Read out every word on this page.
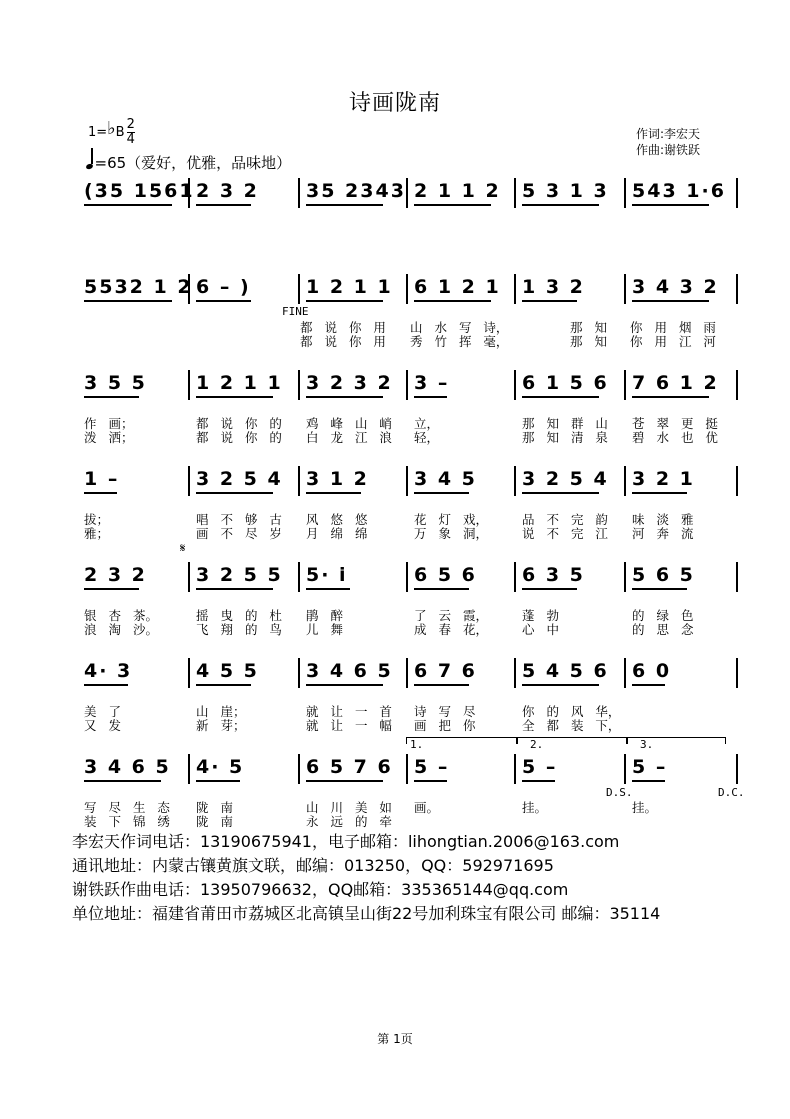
诗画陇南
1=♭B $\frac{2}{4}$
=65（爱好，优雅，品味地）
作词:李宏天
作曲:谢铁跃
(35 1561 2 3 2 35 2343 2 1 1 2 5 3 1 3 543 1·6
5532 1 2 6 – )	1 2 1 1 6 1 2 1 1 3 2 3 4 3 2
都 说 你 用 山 水 写 诗，	那 知 你 用 烟 雨
都 说 你 用 秀 竹 挥 毫，	那 知 你 用 江 河
3 5 5	1 2 1 1 3 2 3 2 3 –	6 1 5 6 7 6 1 2
作 画；	都 说 你 的 鸡 峰 山 峭 立，	那 知 群 山 苍 翠 更 挺
泼 洒；	都 说 你 的 白 龙 江 浪 轻，	那 知 清 泉 碧 水 也 优
1 –	3 2 5 4 3 1 2 3 4 5 3 2 5 4 3 2 1
拔；	唱 不 够 古 风 悠 悠	花 灯 戏，	品 不 完 韵 味 淡 雅
雅；	画 不 尽 岁 月 绵 绵	万 象 洞，	说 不 完 江 河 奔 流
2 3 2	3 2 5 5 5· i	6 5 6 6 3 5 5 6 5
银 杏 茶。	摇 曳 的 杜 鹃 醉	了 云 霞，	蓬 勃	的 绿 色
浪 淘 沙。	飞 翔 的 鸟 儿 舞	成 春 花，	心 中	的 思 念
4· 3	4 5 5 3 4 6 5 6 7 6 5 4 5 6 6 0
美 了	山 崖；	就 让 一 首 诗 写 尽	你 的 风 华，
又 发	新 芽；	就 让 一 幅 画 把 你	全 都 装 下，
3 4 6 5 4· 5	6 5 7 6 5 –	5 –	5 –
写 尽 生 态 陇 南	山 川 美 如 画。	挂。	挂。
装 下 锦 绣 陇 南	永 远 的 牵
FINE
D.S.	D.C.
𝄋
1.	2.	3.
李宏天作词电话：13190675941，电子邮箱：lihongtian.2006@163.com
通讯地址：内蒙古镶黄旗文联，邮编：013250，QQ：592971695
谢铁跃作曲电话：13950796632，QQ邮箱：335365144@qq.com
单位地址：福建省莆田市荔城区北高镇呈山街22号加利珠宝有限公司 邮编：35114
第 1页
